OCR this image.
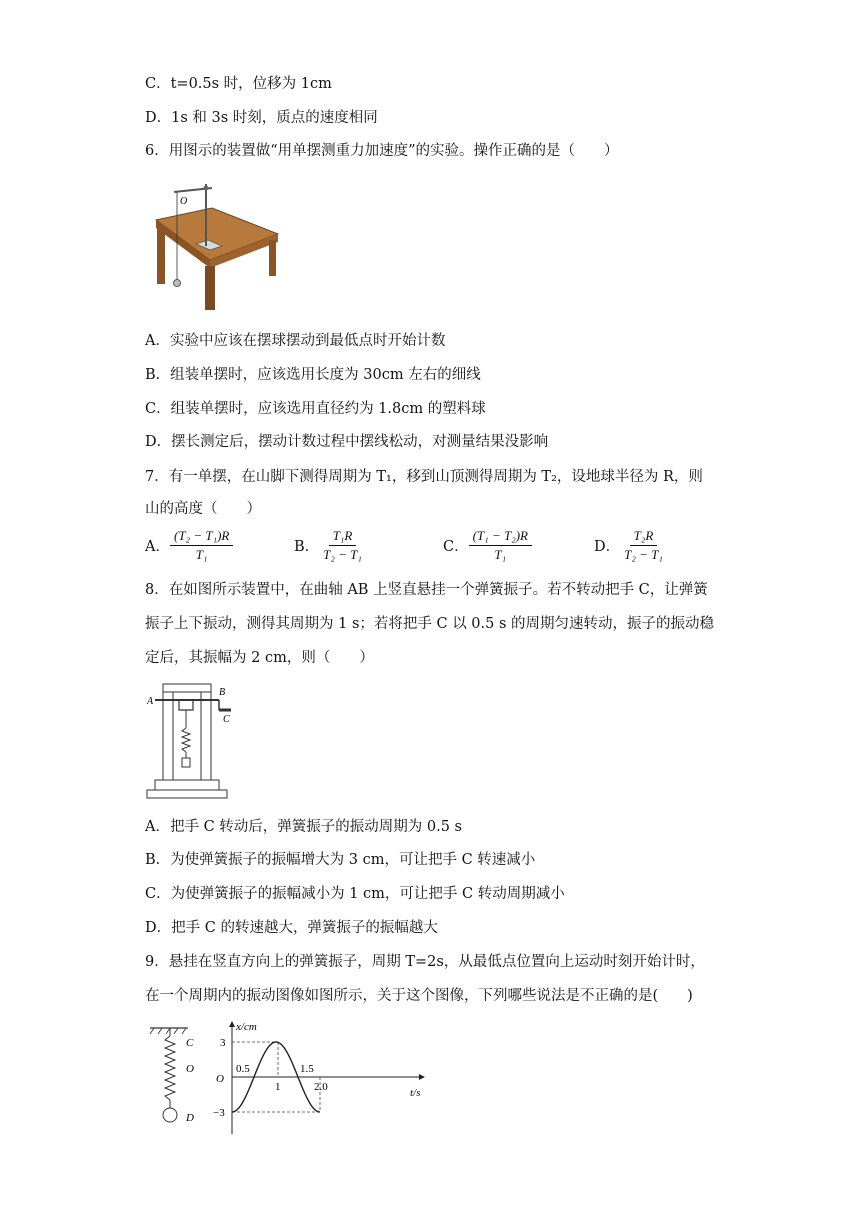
C．t=0.5s 时，位移为 1cm
D．1s 和 3s 时刻，质点的速度相同
6．用图示的装置做“用单摆测重力加速度”的实验。操作正确的是（　　）
O
A．实验中应该在摆球摆动到最低点时开始计数
B．组装单摆时，应该选用长度为 30cm 左右的细线
C．组装单摆时，应该选用直径约为 1.8cm 的塑料球
D．摆长测定后，摆动计数过程中摆线松动，对测量结果没影响
7．有一单摆，在山脚下测得周期为 T₁，移到山顶测得周期为 T₂，设地球半径为 R，则
山的高度（　　）
A． $\frac{\text{(T₂ − T₁)R}}{\text{T₁}}$	B． $\frac{\text{T₁R}}{\text{T₂ − T₁}}$	C． $\frac{\text{(T₁ − T₂)R}}{\text{T₁}}$	D． $\frac{\text{T₂R}}{\text{T₂ − T₁}}$
8．在如图所示装置中，在曲轴 AB 上竖直悬挂一个弹簧振子。若不转动把手 C，让弹簧
振子上下振动，测得其周期为 1 s；若将把手 C 以 0.5 s 的周期匀速转动，振子的振动稳
定后，其振幅为 2 cm，则（　　）
A
B
C
A．把手 C 转动后，弹簧振子的振动周期为 0.5 s
B．为使弹簧振子的振幅增大为 3 cm，可让把手 C 转速减小
C．为使弹簧振子的振幅减小为 1 cm，可让把手 C 转动周期减小
D．把手 C 的转速越大，弹簧振子的振幅越大
9．悬挂在竖直方向上的弹簧振子，周期 T=2s，从最低点位置向上运动时刻开始计时，
在一个周期内的振动图像如图所示，关于这个图像，下列哪些说法是不正确的是(　　)
C
O
D
x/cm
t/s
O
3
−3
0.5
1
1.5
2.0
